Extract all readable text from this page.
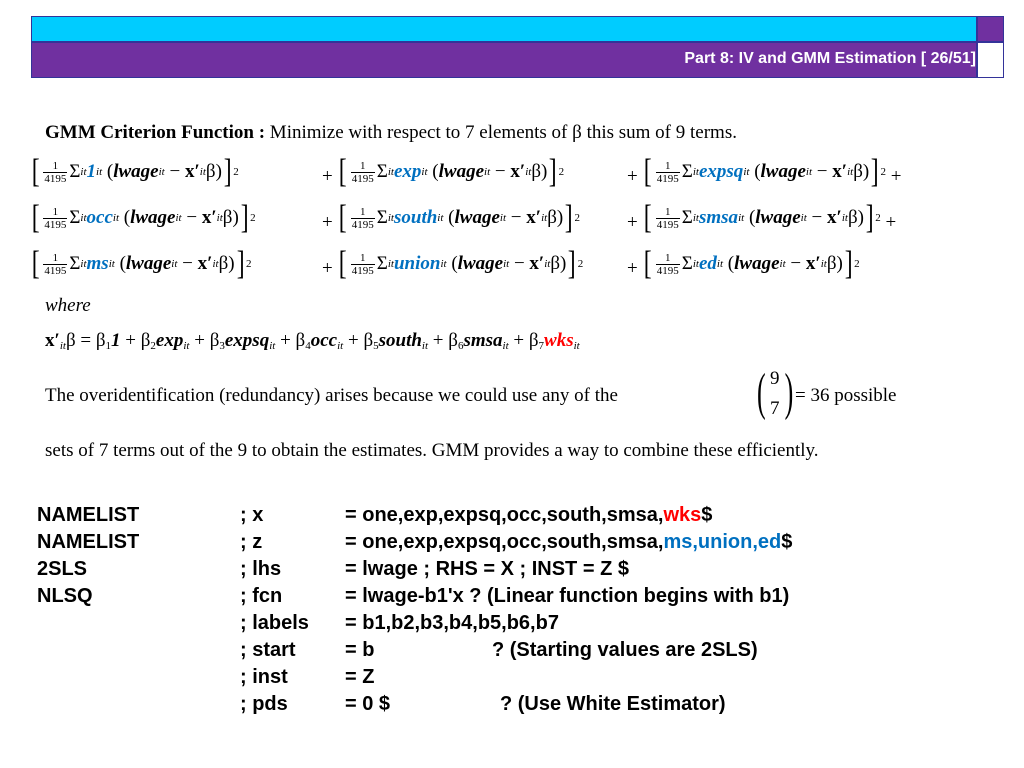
Part 8: IV and GMM Estimation [ 26/51]
GMM Criterion Function : Minimize with respect to 7 elements of β this sum of 9 terms.
[ $\frac{1}{4195}$ Σ it 1 it ( lwage it − x′ it β ) ] 2	+ [ $\frac{1}{4195}$ Σ it exp it ( lwage it − x′ it β ) ] 2	+ [ $\frac{1}{4195}$ Σ it expsq it ( lwage it − x′ it β ) ] 2 +
[ $\frac{1}{4195}$ Σ it occ it ( lwage it − x′ it β ) ] 2	+ [ $\frac{1}{4195}$ Σ it south it ( lwage it − x′ it β ) ] 2 + [ $\frac{1}{4195}$ Σ it smsa it ( lwage it − x′ it β ) ] 2 +
[ $\frac{1}{4195}$ Σ it ms it ( lwage it − x′ it β ) ] 2	+ [ $\frac{1}{4195}$ Σ it union it ( lwage it − x′ it β ) ] 2 + [ $\frac{1}{4195}$ Σ it ed it ( lwage it − x′ it β ) ] 2
where
$x'_{it}\beta = \beta_11 + \beta_2\exp_{it}$ + $\beta_3expsq_{it} + \beta_4occ_{it}$ + $\beta_5south_{it}$ + $\beta_6smsa_{it} + \beta_7wks_{it}$
The overidentification (redundancy) arises because we could use any of the	( 9
7 ) = 36 possible
sets of 7 terms out of the 9 to obtain the estimates. GMM provides a way to combine these efficiently.
NAMELIST	; x	= one,exp,expsq,occ,south,smsa,wks$
NAMELIST	; z	= one,exp,expsq,occ,south,smsa,ms,union,ed$
2SLS	; lhs	= lwage ; RHS = X ; INST = Z $
NLSQ	; fcn	= lwage-b1'x ? (Linear function begins with b1)
; labels = b1,b2,b3,b4,b5,b6,b7
; start = b	? (Starting values are 2SLS)
; inst	= Z
; pds	= 0 $	? (Use White Estimator)
